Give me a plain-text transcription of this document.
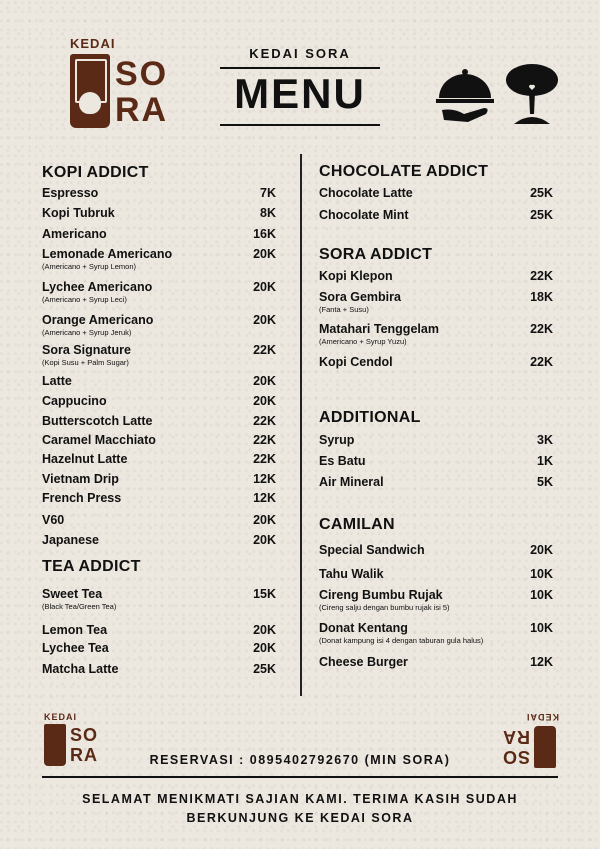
KEDAI
SO
RA
KEDAI SORA
MENU
KOPI ADDICT
Espresso	7K
Kopi Tubruk	8K
Americano	16K
Lemonade Americano	20K
(Americano + Syrup Lemon)
Lychee Americano	20K
(Americano + Syrup Leci)
Orange Americano	20K
(Americano + Syrup Jeruk)
Sora Signature	22K
(Kopi Susu + Palm Sugar)
Latte	20K
Cappucino	20K
Butterscotch Latte	22K
Caramel Macchiato	22K
Hazelnut Latte	22K
Vietnam Drip	12K
French Press	12K
V60	20K
Japanese	20K
TEA ADDICT
Sweet Tea	15K
(Black Tea/Green Tea)
Lemon Tea	20K
Lychee Tea	20K
Matcha Latte	25K
CHOCOLATE ADDICT
Chocolate Latte	25K
Chocolate Mint	25K
SORA ADDICT
Kopi Klepon	22K
Sora Gembira	18K
(Fanta + Susu)
Matahari Tenggelam	22K
(Americano + Syrup Yuzu)
Kopi Cendol	22K
ADDITIONAL
Syrup	3K
Es Batu	1K
Air Mineral	5K
CAMILAN
Special Sandwich	20K
Tahu Walik	10K
Cireng Bumbu Rujak	10K
(Cireng salju dengan bumbu rujak isi 5)
Donat Kentang	10K
(Donat kampung isi 4 dengan taburan gula halus)
Cheese Burger	12K
KEDAI
SO
RA
KEDAI
SO
RA
RESERVASI : 0895402792670 (MIN SORA)
SELAMAT MENIKMATI SAJIAN KAMI. TERIMA KASIH SUDAH
BERKUNJUNG KE KEDAI SORA
